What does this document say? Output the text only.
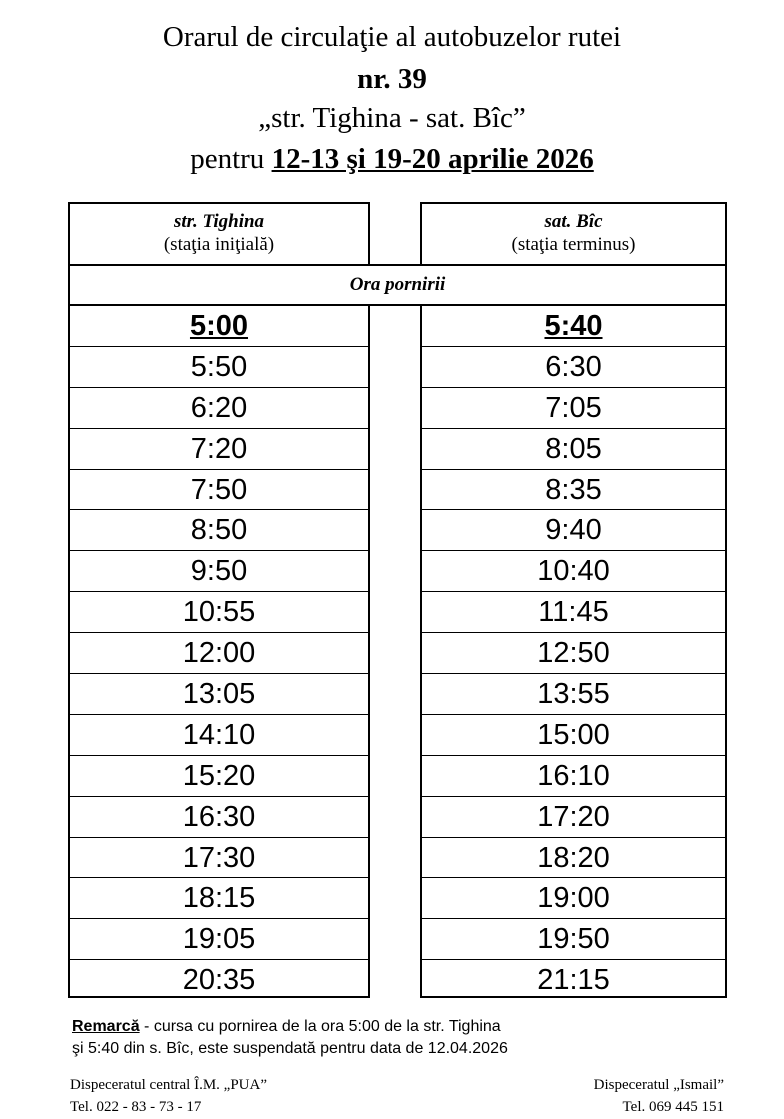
Orarul de circulaţie al autobuzelor rutei
nr. 39
„str. Tighina - sat. Bîc”
pentru 12-13 şi 19-20 aprilie 2026
str. Tighina
(staţia iniţială)
5:00
5:50
6:20
7:20
7:50
8:50
9:50
10:55
12:00
13:05
14:10
15:20
16:30
17:30
18:15
19:05
20:35
sat. Bîc
(staţia terminus)
5:40
6:30
7:05
8:05
8:35
9:40
10:40
11:45
12:50
13:55
15:00
16:10
17:20
18:20
19:00
19:50
21:15
Ora pornirii
Remarcă - cursa cu pornirea de la ora 5:00 de la str. Tighina
şi 5:40 din s. Bîc, este suspendată pentru data de 12.04.2026
Dispeceratul central Î.M. „PUA”
Tel. 022 - 83 - 73 - 17
Dispeceratul „Ismail”
Tel. 069 445 151
